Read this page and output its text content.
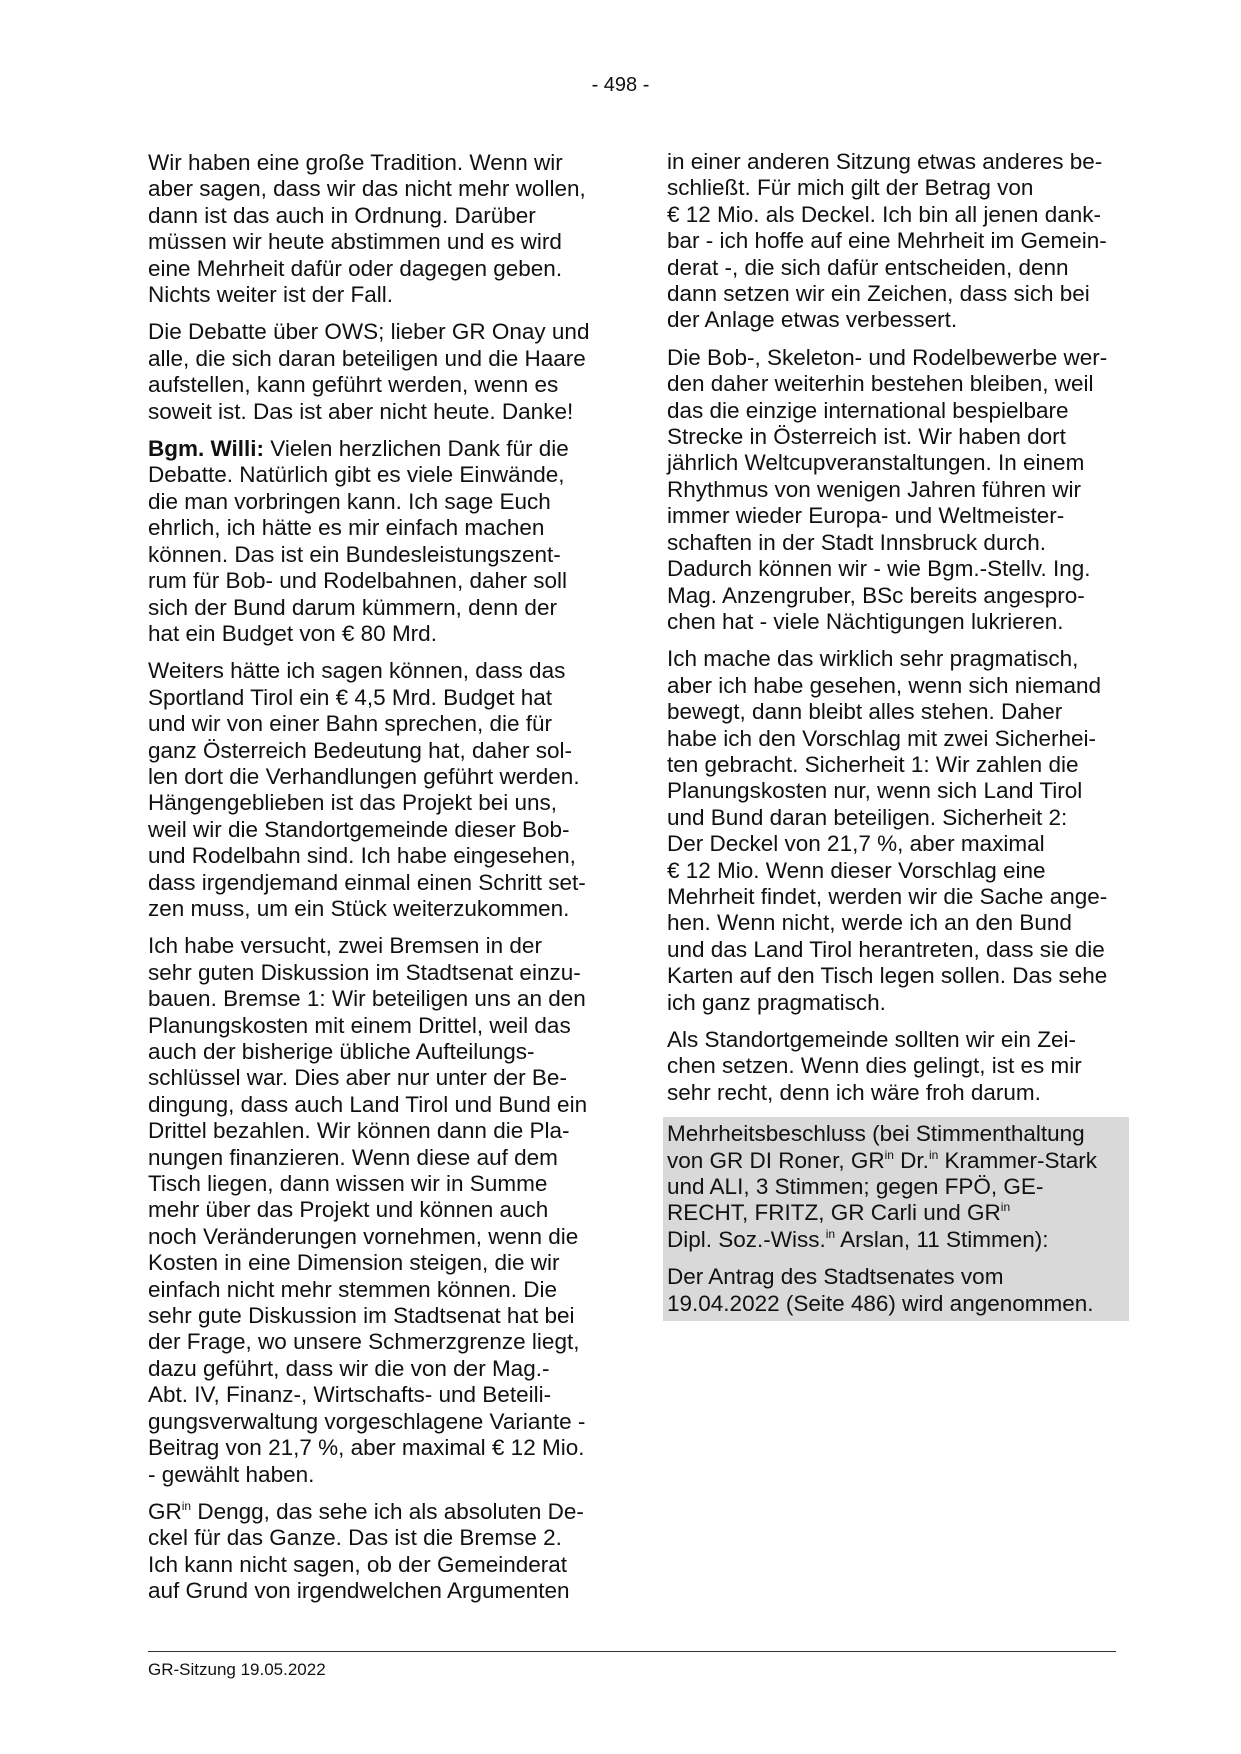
- 498 -

Wir haben eine große Tradition. Wenn wir
aber sagen, dass wir das nicht mehr wollen,
dann ist das auch in Ordnung. Darüber
müssen wir heute abstimmen und es wird
eine Mehrheit dafür oder dagegen geben.
Nichts weiter ist der Fall.

Die Debatte über OWS; lieber GR Onay und
alle, die sich daran beteiligen und die Haare
aufstellen, kann geführt werden, wenn es
soweit ist. Das ist aber nicht heute. Danke!

Bgm. Willi: Vielen herzlichen Dank für die
Debatte. Natürlich gibt es viele Einwände,
die man vorbringen kann. Ich sage Euch
ehrlich, ich hätte es mir einfach machen
können. Das ist ein Bundesleistungszent-
rum für Bob- und Rodelbahnen, daher soll
sich der Bund darum kümmern, denn der
hat ein Budget von € 80 Mrd.

Weiters hätte ich sagen können, dass das
Sportland Tirol ein € 4,5 Mrd. Budget hat
und wir von einer Bahn sprechen, die für
ganz Österreich Bedeutung hat, daher sol-
len dort die Verhandlungen geführt werden.
Hängengeblieben ist das Projekt bei uns,
weil wir die Standortgemeinde dieser Bob-
und Rodelbahn sind. Ich habe eingesehen,
dass irgendjemand einmal einen Schritt set-
zen muss, um ein Stück weiterzukommen.

Ich habe versucht, zwei Bremsen in der
sehr guten Diskussion im Stadtsenat einzu-
bauen. Bremse 1: Wir beteiligen uns an den
Planungskosten mit einem Drittel, weil das
auch der bisherige übliche Aufteilungs-
schlüssel war. Dies aber nur unter der Be-
dingung, dass auch Land Tirol und Bund ein
Drittel bezahlen. Wir können dann die Pla-
nungen finanzieren. Wenn diese auf dem
Tisch liegen, dann wissen wir in Summe
mehr über das Projekt und können auch
noch Veränderungen vornehmen, wenn die
Kosten in eine Dimension steigen, die wir
einfach nicht mehr stemmen können. Die
sehr gute Diskussion im Stadtsenat hat bei
der Frage, wo unsere Schmerzgrenze liegt,
dazu geführt, dass wir die von der Mag.-
Abt. IV, Finanz-, Wirtschafts- und Beteili-
gungsverwaltung vorgeschlagene Variante -
Beitrag von 21,7 %, aber maximal € 12 Mio.
- gewählt haben.

$GR^{in}$ Dengg, das sehe ich als absoluten De-
ckel für das Ganze. Das ist die Bremse 2.
Ich kann nicht sagen, ob der Gemeinderat
auf Grund von irgendwelchen Argumenten

in einer anderen Sitzung etwas anderes be-
schließt. Für mich gilt der Betrag von
€ 12 Mio. als Deckel. Ich bin all jenen dank-
bar - ich hoffe auf eine Mehrheit im Gemein-
derat -, die sich dafür entscheiden, denn
dann setzen wir ein Zeichen, dass sich bei
der Anlage etwas verbessert.

Die Bob-, Skeleton- und Rodelbewerbe wer-
den daher weiterhin bestehen bleiben, weil
das die einzige international bespielbare
Strecke in Österreich ist. Wir haben dort
jährlich Weltcupveranstaltungen. In einem
Rhythmus von wenigen Jahren führen wir
immer wieder Europa- und Weltmeister-
schaften in der Stadt Innsbruck durch.
Dadurch können wir - wie Bgm.-Stellv. Ing.
Mag. Anzengruber, BSc bereits angespro-
chen hat - viele Nächtigungen lukrieren.

Ich mache das wirklich sehr pragmatisch,
aber ich habe gesehen, wenn sich niemand
bewegt, dann bleibt alles stehen. Daher
habe ich den Vorschlag mit zwei Sicherhei-
ten gebracht. Sicherheit 1: Wir zahlen die
Planungskosten nur, wenn sich Land Tirol
und Bund daran beteiligen. Sicherheit 2:
Der Deckel von 21,7 %, aber maximal
€ 12 Mio. Wenn dieser Vorschlag eine
Mehrheit findet, werden wir die Sache ange-
hen. Wenn nicht, werde ich an den Bund
und das Land Tirol herantreten, dass sie die
Karten auf den Tisch legen sollen. Das sehe
ich ganz pragmatisch.

Als Standortgemeinde sollten wir ein Zei-
chen setzen. Wenn dies gelingt, ist es mir
sehr recht, denn ich wäre froh darum.

Mehrheitsbeschluss (bei Stimmenthaltung
von GR DI Roner, $GR^{in}$ Dr.$^{in}$ Krammer-Stark
und ALI, 3 Stimmen; gegen FPÖ, GE-
RECHT, FRITZ, GR Carli und $GR^{in}$
Dipl. Soz.-Wiss.$^{in}$ Arslan, 11 Stimmen):

Der Antrag des Stadtsenates vom
19.04.2022 (Seite 486) wird angenommen.

GR-Sitzung 19.05.2022
